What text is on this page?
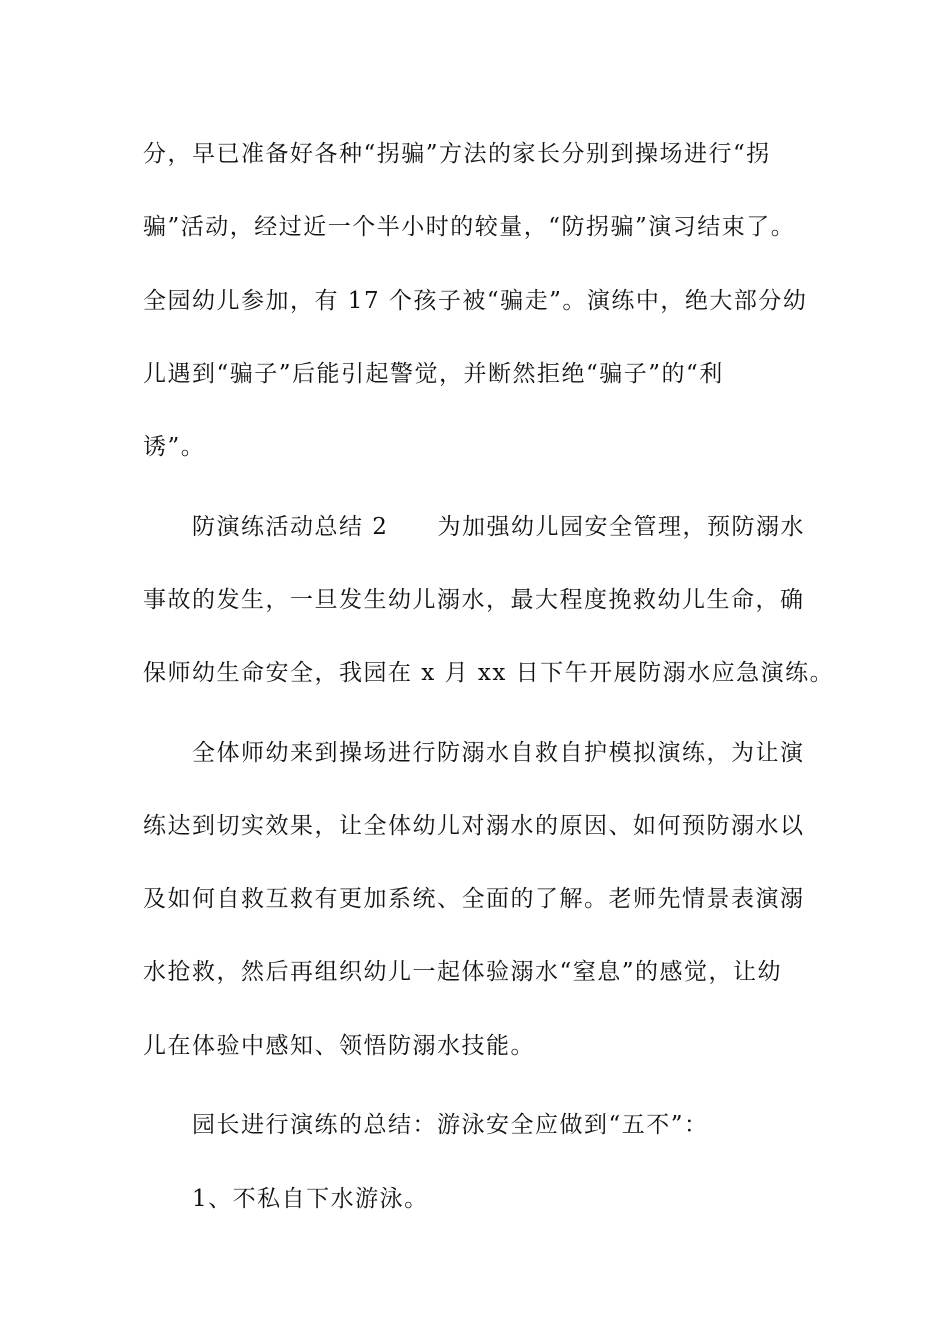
分，早已准备好各种“拐骗”方法的家长分别到操场进行“拐
骗”活动，经过近一个半小时的较量，“防拐骗”演习结束了。
全园幼儿参加，有 17 个孩子被“骗走”。演练中，绝大部分幼
儿遇到“骗子”后能引起警觉，并断然拒绝“骗子”的“利
诱”。
防演练活动总结 2　　为加强幼儿园安全管理，预防溺水
事故的发生，一旦发生幼儿溺水，最大程度挽救幼儿生命，确
保师幼生命安全，我园在 x 月 xx 日下午开展防溺水应急演练。
全体师幼来到操场进行防溺水自救自护模拟演练，为让演
练达到切实效果，让全体幼儿对溺水的原因、如何预防溺水以
及如何自救互救有更加系统、全面的了解。老师先情景表演溺
水抢救，然后再组织幼儿一起体验溺水“窒息”的感觉，让幼
儿在体验中感知、领悟防溺水技能。
园长进行演练的总结：游泳安全应做到“五不”：
1、不私自下水游泳。
